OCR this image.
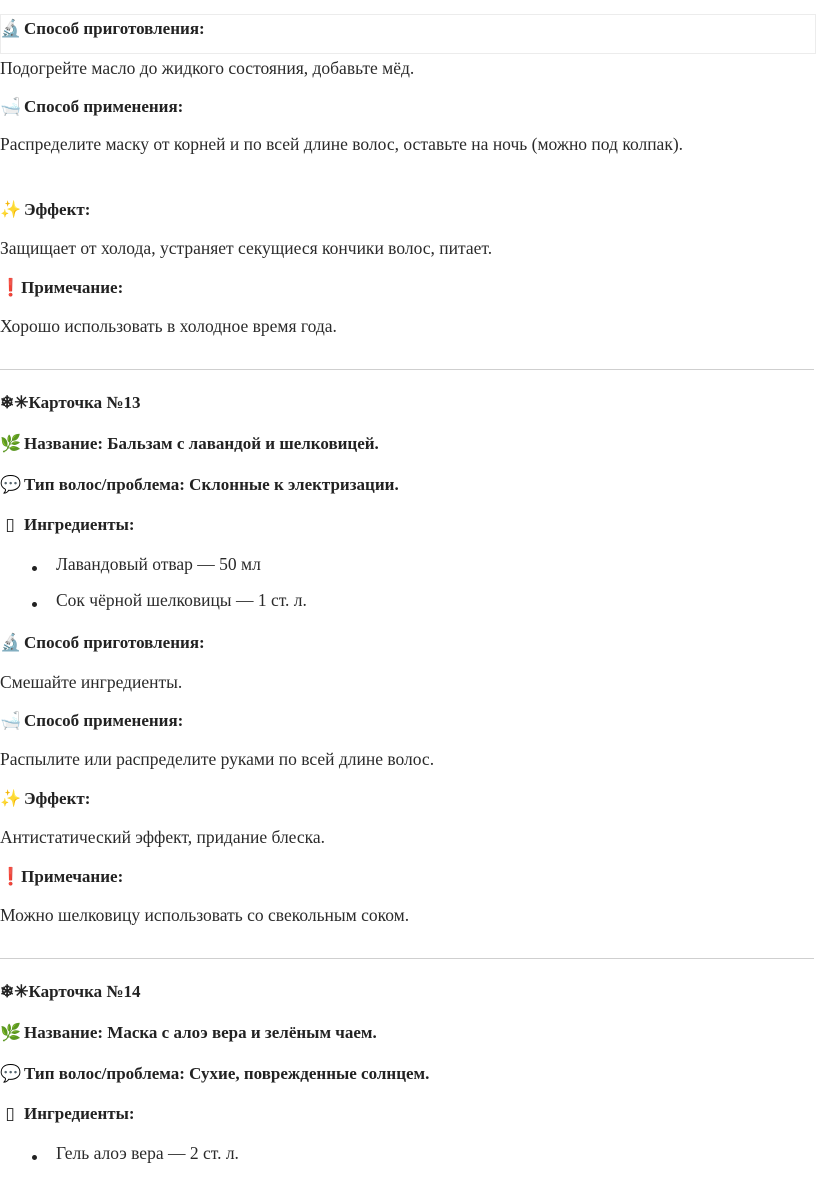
🔬 Способ приготовления:
Подогрейте масло до жидкого состояния, добавьте мёд.
🛁 Способ применения:
Распределите маску от корней и по всей длине волос, оставьте на ночь (можно под колпак).
✨ Эффект:
Защищает от холода, устраняет секущиеся кончики волос, питает.
❗Примечание:
Хорошо использовать в холодное время года.
❄✳Карточка №13
🌿 Название: Бальзам с лавандой и шелковицей.
💬 Тип волос/проблема: Склонные к электризации.
▯ Ингредиенты:
Лавандовый отвар — 50 мл
Сок чёрной шелковицы — 1 ст. л.
🔬 Способ приготовления:
Смешайте ингредиенты.
🛁 Способ применения:
Распылите или распределите руками по всей длине волос.
✨ Эффект:
Антистатический эффект, придание блеска.
❗Примечание:
Можно шелковицу использовать со свекольным соком.
❄✳Карточка №14
🌿 Название: Маска с алоэ вера и зелёным чаем.
💬 Тип волос/проблема: Сухие, поврежденные солнцем.
▯ Ингредиенты:
Гель алоэ вера — 2 ст. л.
